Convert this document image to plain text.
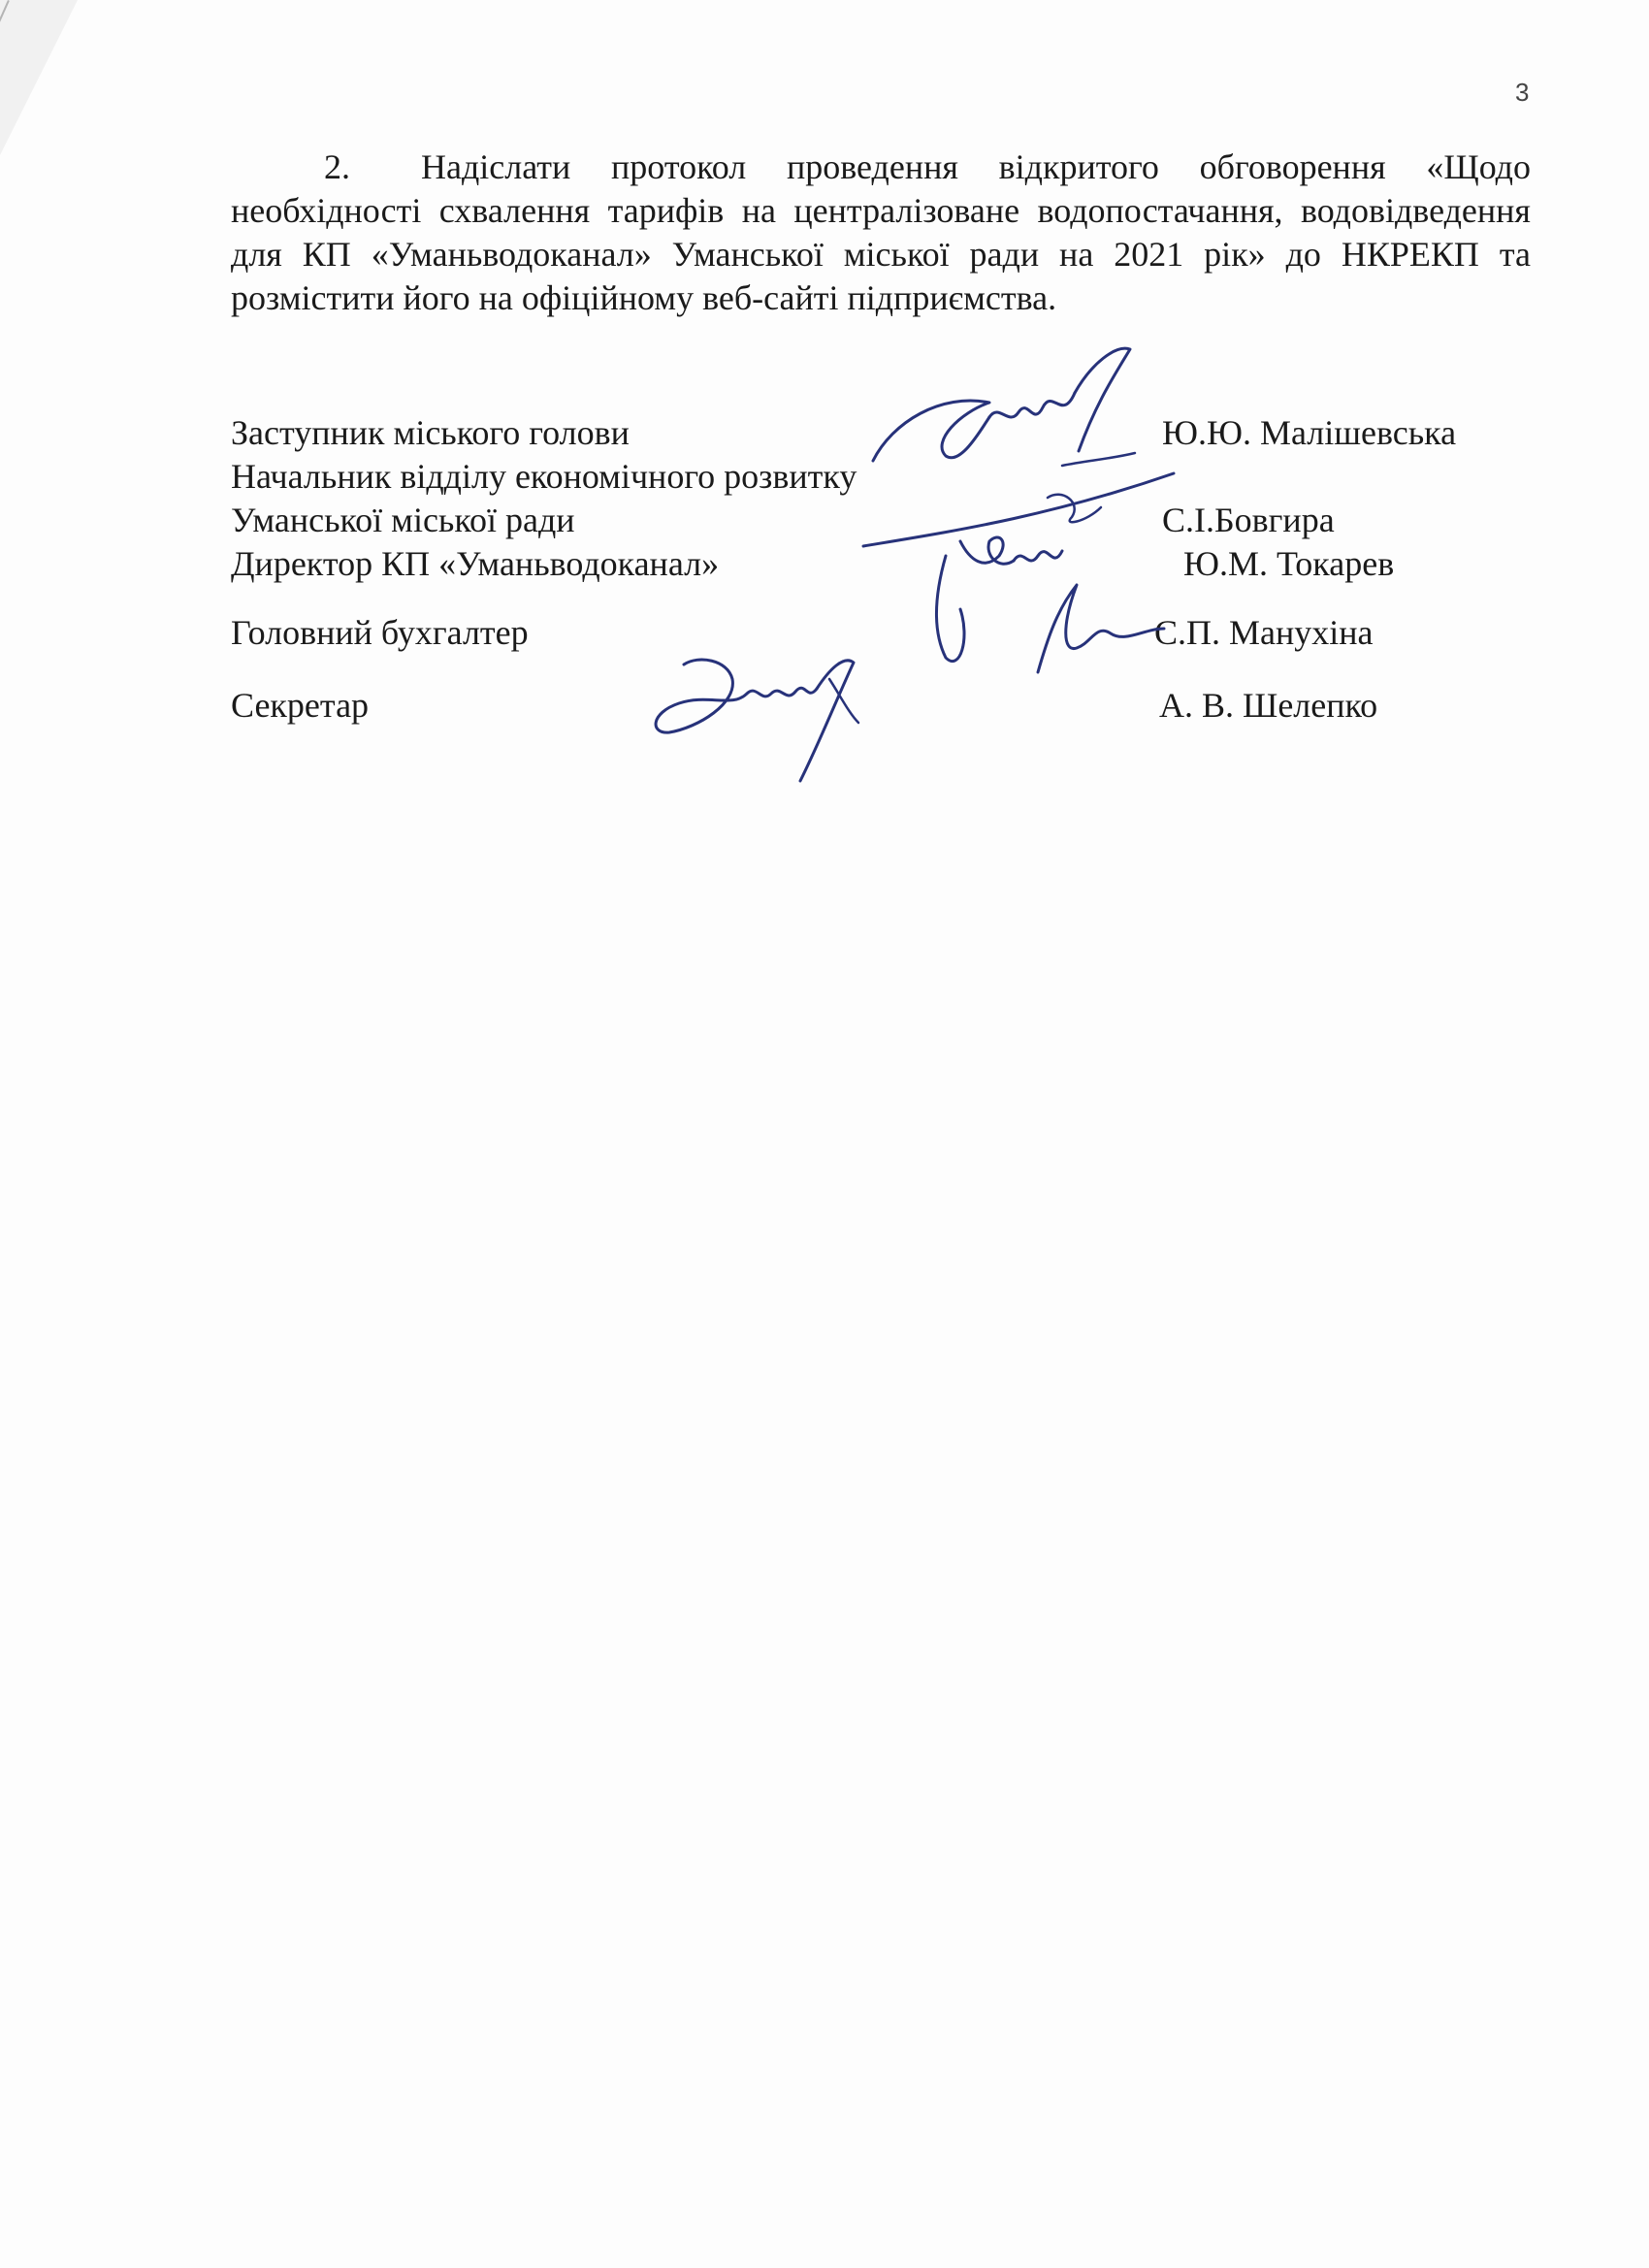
3
2. Надіслати протокол проведення відкритого обговорення «Щодо необхідності схвалення тарифів на централізоване водопостачання, водовідведення для КП «Уманьводоканал» Уманської міської ради на 2021 рік» до НКРЕКП та розмістити його на офіційному веб-сайті підприємства.
Заступник міського голови	Ю.Ю. Малішевська
Начальник відділу економічного розвитку
Уманської міської ради	С.І.Бовгира
Директор КП «Уманьводоканал»	Ю.М. Токарев
Головний бухгалтер	С.П. Манухіна
Секретар	А. В. Шелепко
